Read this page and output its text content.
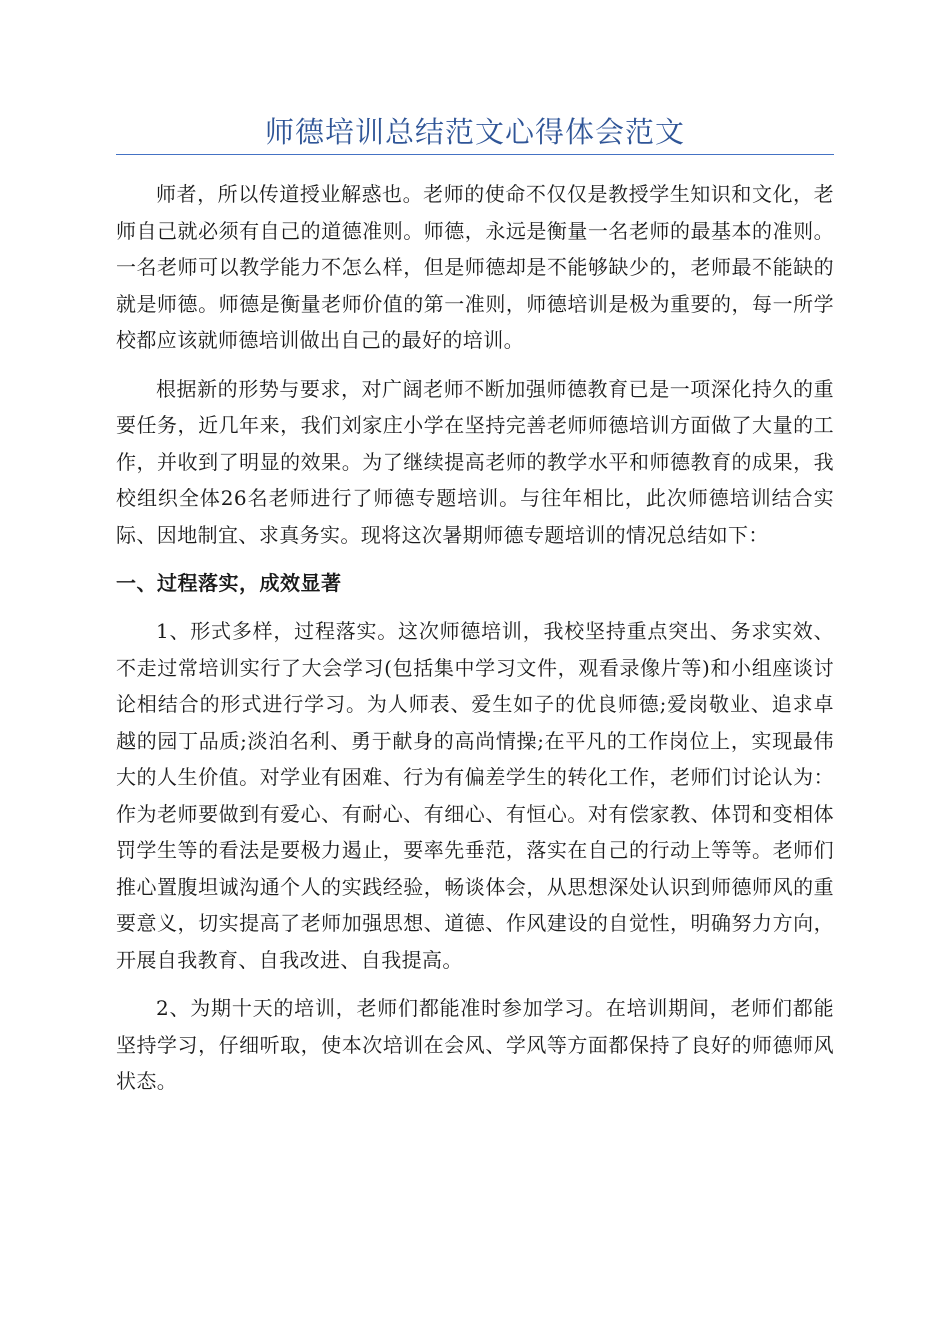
师德培训总结范文心得体会范文

师者，所以传道授业解惑也。老师的使命不仅仅是教授学生知识和文化，老师自己就必须有自己的道德准则。师德，永远是衡量一名老师的最基本的准则。一名老师可以教学能力不怎么样，但是师德却是不能够缺少的，老师最不能缺的就是师德。师德是衡量老师价值的第一准则，师德培训是极为重要的，每一所学校都应该就师德培训做出自己的最好的培训。

根据新的形势与要求，对广阔老师不断加强师德教育已是一项深化持久的重要任务，近几年来，我们刘家庄小学在坚持完善老师师德培训方面做了大量的工作，并收到了明显的效果。为了继续提高老师的教学水平和师德教育的成果，我校组织全体26名老师进行了师德专题培训。与往年相比，此次师德培训结合实际、因地制宜、求真务实。现将这次暑期师德专题培训的情况总结如下：

一、过程落实，成效显著

1、形式多样，过程落实。这次师德培训，我校坚持重点突出、务求实效、不走过常培训实行了大会学习(包括集中学习文件，观看录像片等)和小组座谈讨论相结合的形式进行学习。为人师表、爱生如子的优良师德;爱岗敬业、追求卓越的园丁品质;淡泊名利、勇于献身的高尚情操;在平凡的工作岗位上，实现最伟大的人生价值。对学业有困难、行为有偏差学生的转化工作，老师们讨论认为：作为老师要做到有爱心、有耐心、有细心、有恒心。对有偿家教、体罚和变相体罚学生等的看法是要极力遏止，要率先垂范，落实在自己的行动上等等。老师们推心置腹坦诚沟通个人的实践经验，畅谈体会，从思想深处认识到师德师风的重要意义，切实提高了老师加强思想、道德、作风建设的自觉性，明确努力方向，开展自我教育、自我改进、自我提高。

2、为期十天的培训，老师们都能准时参加学习。在培训期间，老师们都能坚持学习，仔细听取，使本次培训在会风、学风等方面都保持了良好的师德师风状态。
